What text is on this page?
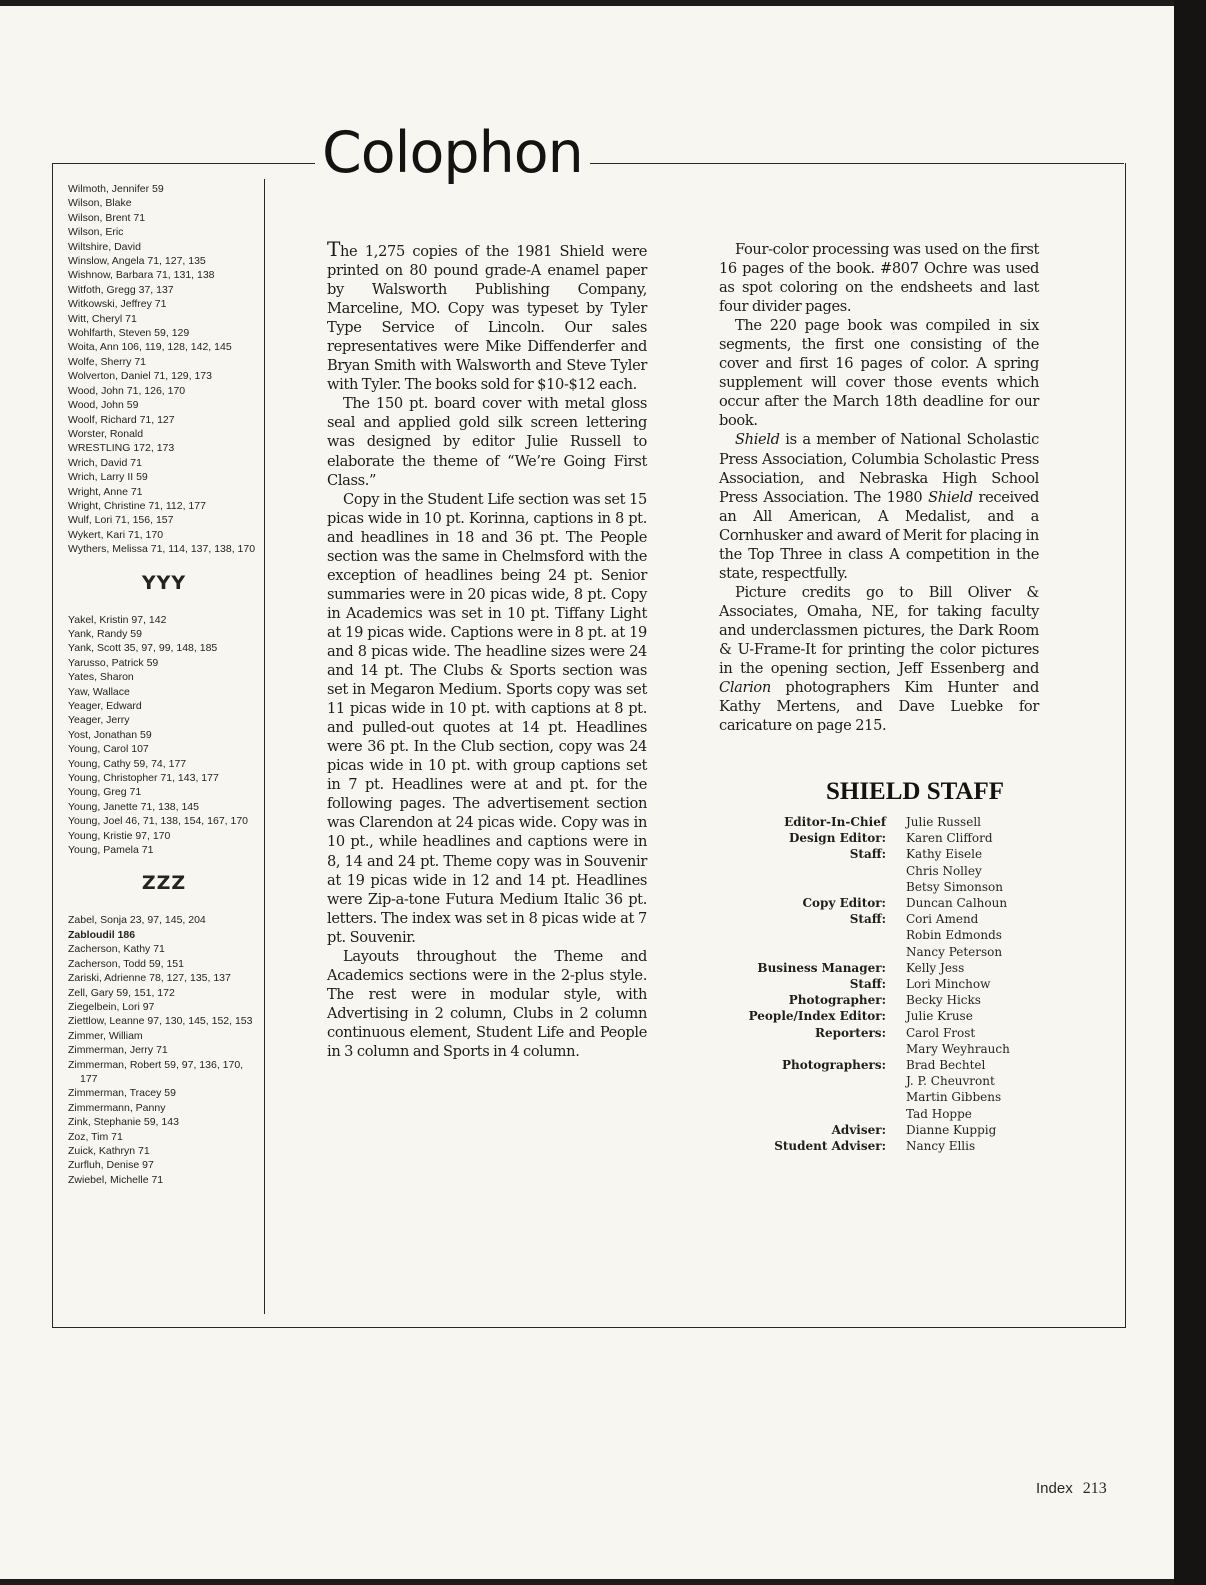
Colophon
Wilmoth, Jennifer 59
Wilson, Blake
Wilson, Brent 71
Wilson, Eric
Wiltshire, David
Winslow, Angela 71, 127, 135
Wishnow, Barbara 71, 131, 138
Witfoth, Gregg 37, 137
Witkowski, Jeffrey 71
Witt, Cheryl 71
Wohlfarth, Steven 59, 129
Woita, Ann 106, 119, 128, 142, 145
Wolfe, Sherry 71
Wolverton, Daniel 71, 129, 173
Wood, John 71, 126, 170
Wood, John 59
Woolf, Richard 71, 127
Worster, Ronald
WRESTLING 172, 173
Wrich, David 71
Wrich, Larry II 59
Wright, Anne 71
Wright, Christine 71, 112, 177
Wulf, Lori 71, 156, 157
Wykert, Kari 71, 170
Wythers, Melissa 71, 114, 137, 138, 170
YYY
Yakel, Kristin 97, 142
Yank, Randy 59
Yank, Scott 35, 97, 99, 148, 185
Yarusso, Patrick 59
Yates, Sharon
Yaw, Wallace
Yeager, Edward
Yeager, Jerry
Yost, Jonathan 59
Young, Carol 107
Young, Cathy 59, 74, 177
Young, Christopher 71, 143, 177
Young, Greg 71
Young, Janette 71, 138, 145
Young, Joel 46, 71, 138, 154, 167, 170
Young, Kristie 97, 170
Young, Pamela 71
ZZZ
Zabel, Sonja 23, 97, 145, 204
Zabloudil 186
Zacherson, Kathy 71
Zacherson, Todd 59, 151
Zariski, Adrienne 78, 127, 135, 137
Zell, Gary 59, 151, 172
Ziegelbein, Lori 97
Ziettlow, Leanne 97, 130, 145, 152, 153
Zimmer, William
Zimmerman, Jerry 71
Zimmerman, Robert 59, 97, 136, 170, 177
Zimmerman, Tracey 59
Zimmermann, Panny
Zink, Stephanie 59, 143
Zoz, Tim 71
Zuick, Kathryn 71
Zurfluh, Denise 97
Zwiebel, Michelle 71

The 1,275 copies of the 1981 Shield were printed on 80 pound grade-A enamel paper by Walsworth Publishing Company, Marceline, MO. Copy was typeset by Tyler Type Service of Lincoln. Our sales representatives were Mike Diffenderfer and Bryan Smith with Walsworth and Steve Tyler with Tyler. The books sold for $10-$12 each.

The 150 pt. board cover with metal gloss seal and applied gold silk screen lettering was designed by editor Julie Russell to elaborate the theme of “We’re Going First Class.”

Copy in the Student Life section was set 15 picas wide in 10 pt. Korinna, captions in 8 pt. and headlines in 18 and 36 pt. The People section was the same in Chelmsford with the exception of headlines being 24 pt. Senior summaries were in 20 picas wide, 8 pt. Copy in Academics was set in 10 pt. Tiffany Light at 19 picas wide. Captions were in 8 pt. at 19 and 8 picas wide. The headline sizes were 24 and 14 pt. The Clubs & Sports section was set in Megaron Medium. Sports copy was set 11 picas wide in 10 pt. with captions at 8 pt. and pulled-out quotes at 14 pt. Headlines were 36 pt. In the Club section, copy was 24 picas wide in 10 pt. with group captions set in 7 pt. Headlines were at and pt. for the following pages. The advertisement section was Clarendon at 24 picas wide. Copy was in 10 pt., while headlines and captions were in 8, 14 and 24 pt. Theme copy was in Souvenir at 19 picas wide in 12 and 14 pt. Headlines were Zip-a-tone Futura Medium Italic 36 pt. letters. The index was set in 8 picas wide at 7 pt. Souvenir.

Layouts throughout the Theme and Academics sections were in the 2-plus style. The rest were in modular style, with Advertising in 2 column, Clubs in 2 column continuous element, Student Life and People in 3 column and Sports in 4 column.

Four-color processing was used on the first 16 pages of the book. #807 Ochre was used as spot coloring on the endsheets and last four divider pages.

The 220 page book was compiled in six segments, the first one consisting of the cover and first 16 pages of color. A spring supplement will cover those events which occur after the March 18th deadline for our book.

Shield is a member of National Scholastic Press Association, Columbia Scholastic Press Association, and Nebraska High School Press Association. The 1980 Shield received an All American, A Medalist, and a Cornhusker and award of Merit for placing in the Top Three in class A competition in the state, respectfully.

Picture credits go to Bill Oliver & Associates, Omaha, NE, for taking faculty and underclassmen pictures, the Dark Room & U-Frame-It for printing the color pictures in the opening section, Jeff Essenberg and Clarion photographers Kim Hunter and Kathy Mertens, and Dave Luebke for caricature on page 215.

SHIELD STAFF
Editor-In-Chief	Julie Russell
Design Editor:	Karen Clifford
Staff:	Kathy Eisele
Chris Nolley
Betsy Simonson
Copy Editor:	Duncan Calhoun
Staff:	Cori Amend
Robin Edmonds
Nancy Peterson
Business Manager:	Kelly Jess
Staff:	Lori Minchow
Photographer:	Becky Hicks
People/Index Editor:	Julie Kruse
Reporters:	Carol Frost
Mary Weyhrauch
Photographers:	Brad Bechtel
J. P. Cheuvront
Martin Gibbens
Tad Hoppe
Adviser:	Dianne Kuppig
Student Adviser:	Nancy Ellis
Index 213
